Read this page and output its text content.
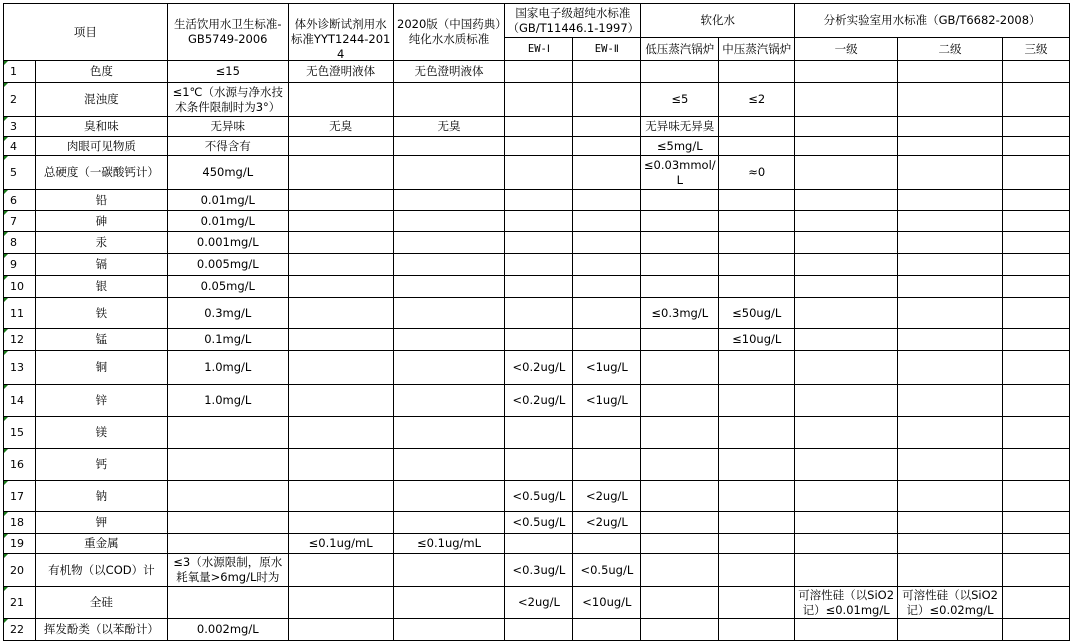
项目		生活饮用水卫生标准-GB5749-2006	体外诊断试剂用水标准YYT1244-2014	2020版（中国药典）纯化水水质标准	国家电子级超纯水标准（GB/T11446.1-1997）		软化水		分析实验室用水标准（GB/T6682-2008）		
					EW-Ⅰ	EW-Ⅱ	低压蒸汽锅炉	中压蒸汽锅炉	一级	二级	三级

1	色度	≤15	无色澄明液体	无色澄明液体							

2	混浊度	≤1℃（水源与净水技术条件限制时为3°）					≤5	≤2			

3	臭和味	无异味	无臭	无臭			无异味无异臭				

4	肉眼可见物质	不得含有					≤5mg/L				

5	总硬度（一碳酸钙计）	450mg/L					≤0.03mmol/L	≈0			

6	铅	0.01mg/L									

7	砷	0.01mg/L									

8	汞	0.001mg/L									

9	镉	0.005mg/L									

10	银	0.05mg/L									

11	铁	0.3mg/L					≤0.3mg/L	≤50ug/L			

12	锰	0.1mg/L						≤10ug/L			

13	铜	1.0mg/L			<0.2ug/L	<1ug/L					

14	锌	1.0mg/L			<0.2ug/L	<1ug/L					

15	镁										

16	钙										

17	钠				<0.5ug/L	<2ug/L					

18	钾				<0.5ug/L	<2ug/L					

19	重金属		≤0.1ug/mL	≤0.1ug/mL							

20	有机物（以COD）计	≤3（水源限制，原水耗氧量>6mg/L时为			<0.3ug/L	<0.5ug/L					

21	全硅				<2ug/L	<10ug/L			可溶性硅（以SiO2记）≤0.01mg/L	可溶性硅（以SiO2记）≤0.02mg/L	

22	挥发酚类（以苯酚计）	0.002mg/L									
